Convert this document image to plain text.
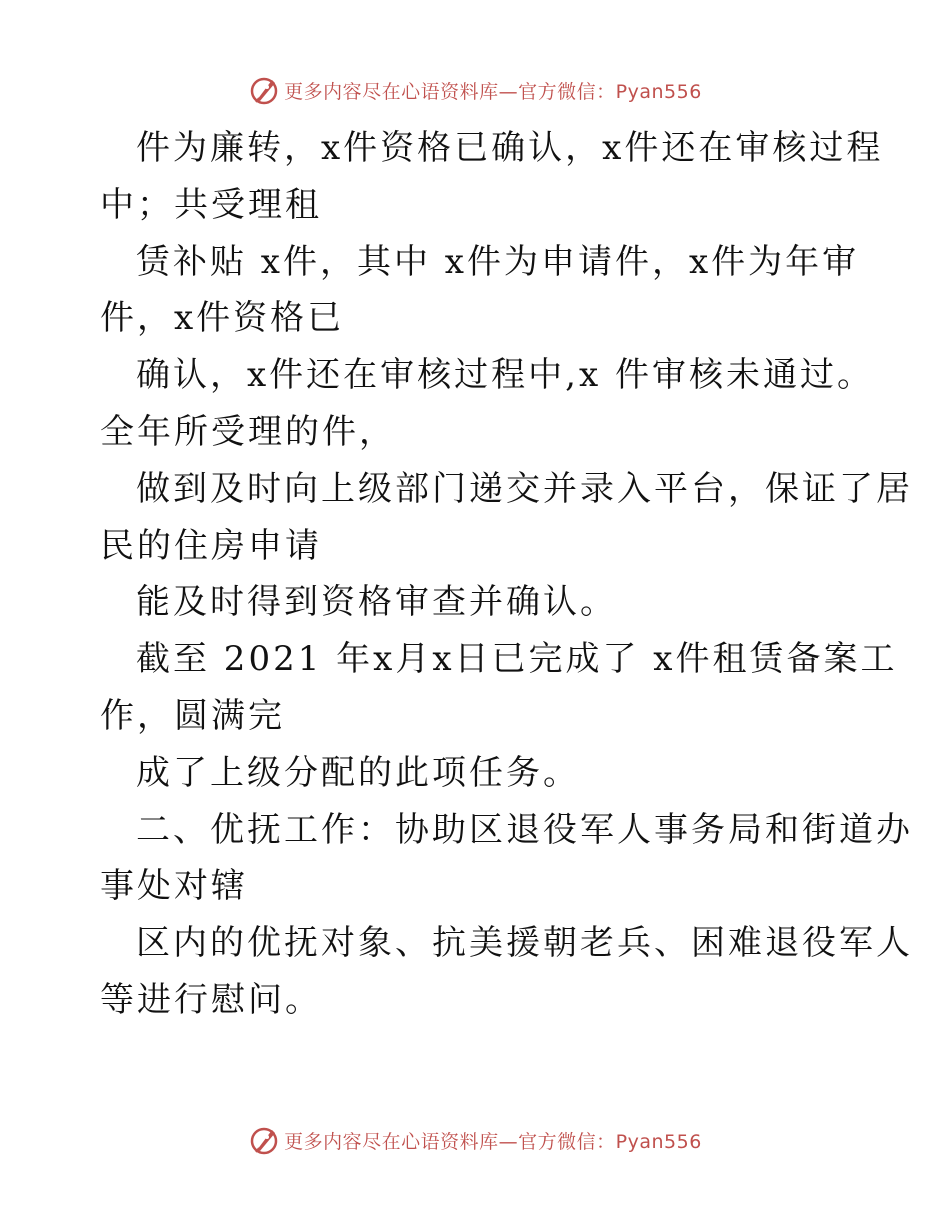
更多内容尽在心语资料库—官方微信：Pyan556
件为廉转，x件资格已确认，x件还在审核过程
中；共受理租
赁补贴 x件，其中 x件为申请件，x件为年审
件，x件资格已
确认，x件还在审核过程中,x 件审核未通过。
全年所受理的件，
做到及时向上级部门递交并录入平台，保证了居
民的住房申请
能及时得到资格审查并确认。
截至 2021 年x月x日已完成了 x件租赁备案工
作，圆满完
成了上级分配的此项任务。
二、优抚工作：协助区退役军人事务局和街道办
事处对辖
区内的优抚对象、抗美援朝老兵、困难退役军人
等进行慰问。
更多内容尽在心语资料库—官方微信：Pyan556
